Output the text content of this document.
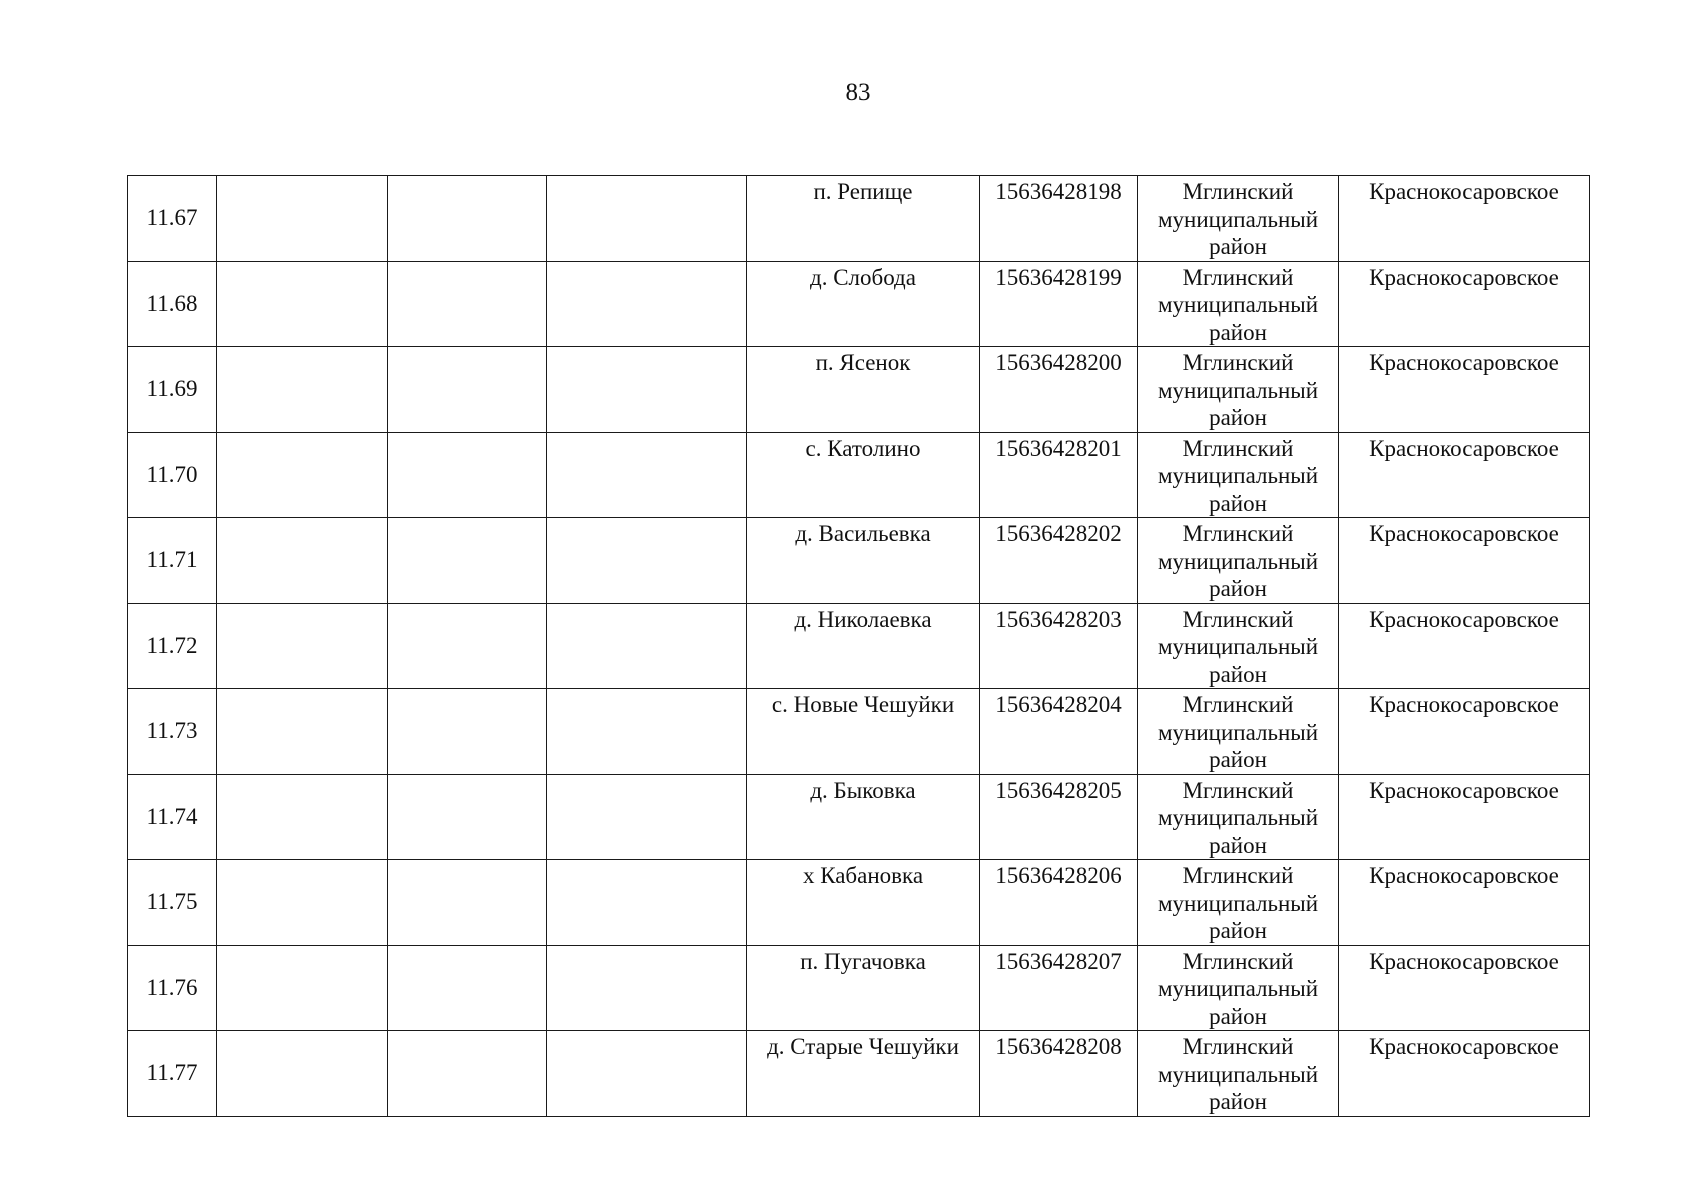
83
11.67				п. Репище	15636428198	Мглинский
муниципальный
район	Краснокосаровское
11.68				д. Слобода	15636428199	Мглинский
муниципальный
район	Краснокосаровское
11.69				п. Ясенок	15636428200	Мглинский
муниципальный
район	Краснокосаровское
11.70				с. Католино	15636428201	Мглинский
муниципальный
район	Краснокосаровское
11.71				д. Васильевка	15636428202	Мглинский
муниципальный
район	Краснокосаровское
11.72				д. Николаевка	15636428203	Мглинский
муниципальный
район	Краснокосаровское
11.73				с. Новые Чешуйки	15636428204	Мглинский
муниципальный
район	Краснокосаровское
11.74				д. Быковка	15636428205	Мглинский
муниципальный
район	Краснокосаровское
11.75				х Кабановка	15636428206	Мглинский
муниципальный
район	Краснокосаровское
11.76				п. Пугачовка	15636428207	Мглинский
муниципальный
район	Краснокосаровское
11.77				д. Старые Чешуйки	15636428208	Мглинский
муниципальный
район	Краснокосаровское
